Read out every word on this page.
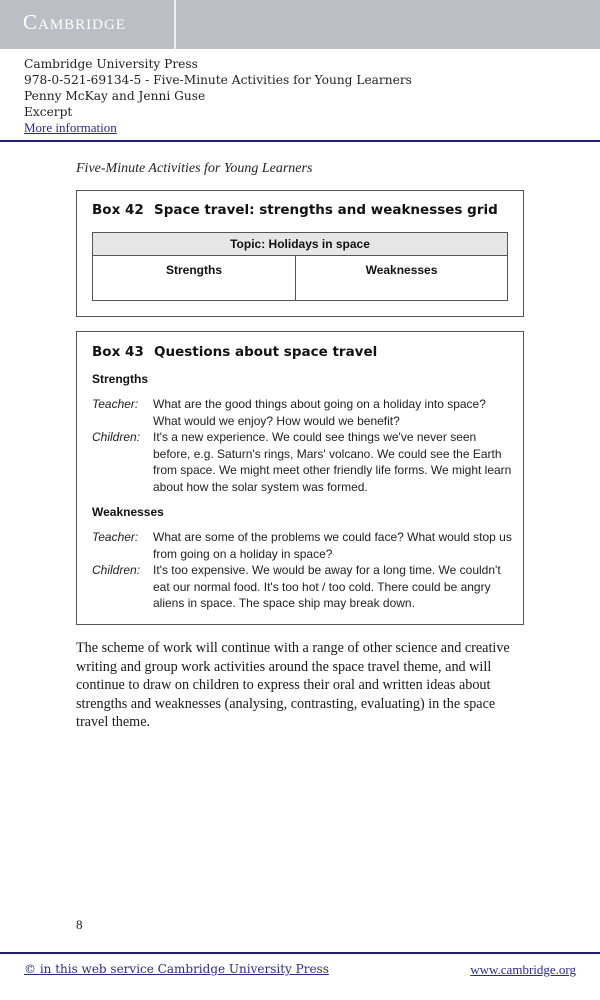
Cambridge
Cambridge University Press
978-0-521-69134-5 - Five-Minute Activities for Young Learners
Penny McKay and Jenni Guse
Excerpt
More information
Five-Minute Activities for Young Learners
Box 42 Space travel: strengths and weaknesses grid
Topic: Holidays in space
Strengths	Weaknesses
Box 43 Questions about space travel
Strengths
Teacher:	What are the good things about going on a holiday into space? What would we enjoy? How would we benefit?
Children:	It's a new experience. We could see things we've never seen before, e.g. Saturn's rings, Mars' volcano. We could see the Earth from space. We might meet other friendly life forms. We might learn about how the solar system was formed.
Weaknesses
Teacher:	What are some of the problems we could face? What would stop us from going on a holiday in space?
Children:	It's too expensive. We would be away for a long time. We couldn't eat our normal food. It's too hot / too cold. There could be angry aliens in space. The space ship may break down.
The scheme of work will continue with a range of other science and creative writing and group work activities around the space travel theme, and will continue to draw on children to express their oral and written ideas about strengths and weaknesses (analysing, contrasting, evaluating) in the space travel theme.
8
© in this web service Cambridge University Press	www.cambridge.org
